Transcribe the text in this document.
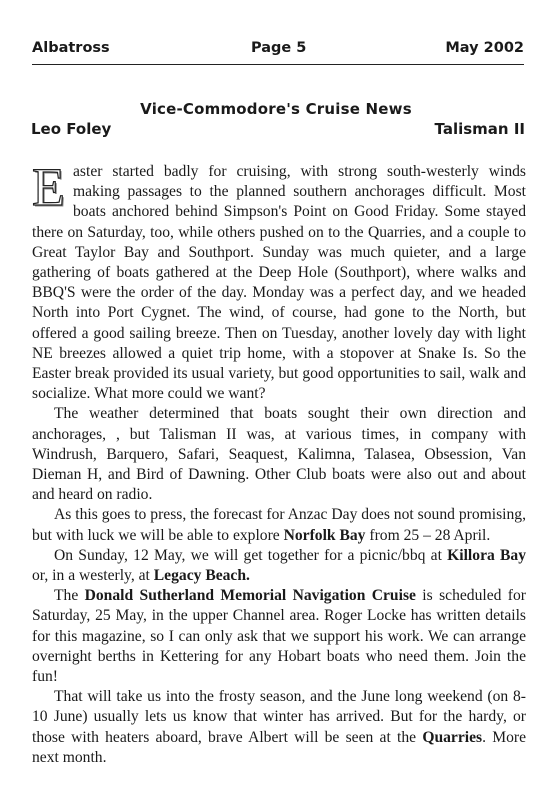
Albatross	Page 5	May 2002
Vice-Commodore's Cruise News
Leo Foley	Talisman II

Easter started badly for cruising, with strong south-westerly winds making passages to the planned southern anchorages difficult. Most boats anchored behind Simpson's Point on Good Friday. Some stayed there on Saturday, too, while others pushed on to the Quarries, and a couple to Great Taylor Bay and Southport. Sunday was much quieter, and a large gathering of boats gathered at the Deep Hole (Southport), where walks and BBQ'S were the order of the day. Monday was a perfect day, and we headed North into Port Cygnet. The wind, of course, had gone to the North, but offered a good sailing breeze. Then on Tuesday, another lovely day with light NE breezes allowed a quiet trip home, with a stopover at Snake Is. So the Easter break provided its usual variety, but good opportunities to sail, walk and socialize. What more could we want?

The weather determined that boats sought their own direction and anchorages, , but Talisman II was, at various times, in company with Windrush, Barquero, Safari, Seaquest, Kalimna, Talasea, Obsession, Van Dieman H, and Bird of Dawning. Other Club boats were also out and about and heard on radio.

As this goes to press, the forecast for Anzac Day does not sound promising, but with luck we will be able to explore Norfolk Bay from 25 – 28 April.

On Sunday, 12 May, we will get together for a picnic/bbq at Killora Bay or, in a westerly, at Legacy Beach.

The Donald Sutherland Memorial Navigation Cruise is scheduled for Saturday, 25 May, in the upper Channel area. Roger Locke has written details for this magazine, so I can only ask that we support his work. We can arrange overnight berths in Kettering for any Hobart boats who need them. Join the fun!

That will take us into the frosty season, and the June long weekend (on 8-10 June) usually lets us know that winter has arrived. But for the hardy, or those with heaters aboard, brave Albert will be seen at the Quarries. More next month.
